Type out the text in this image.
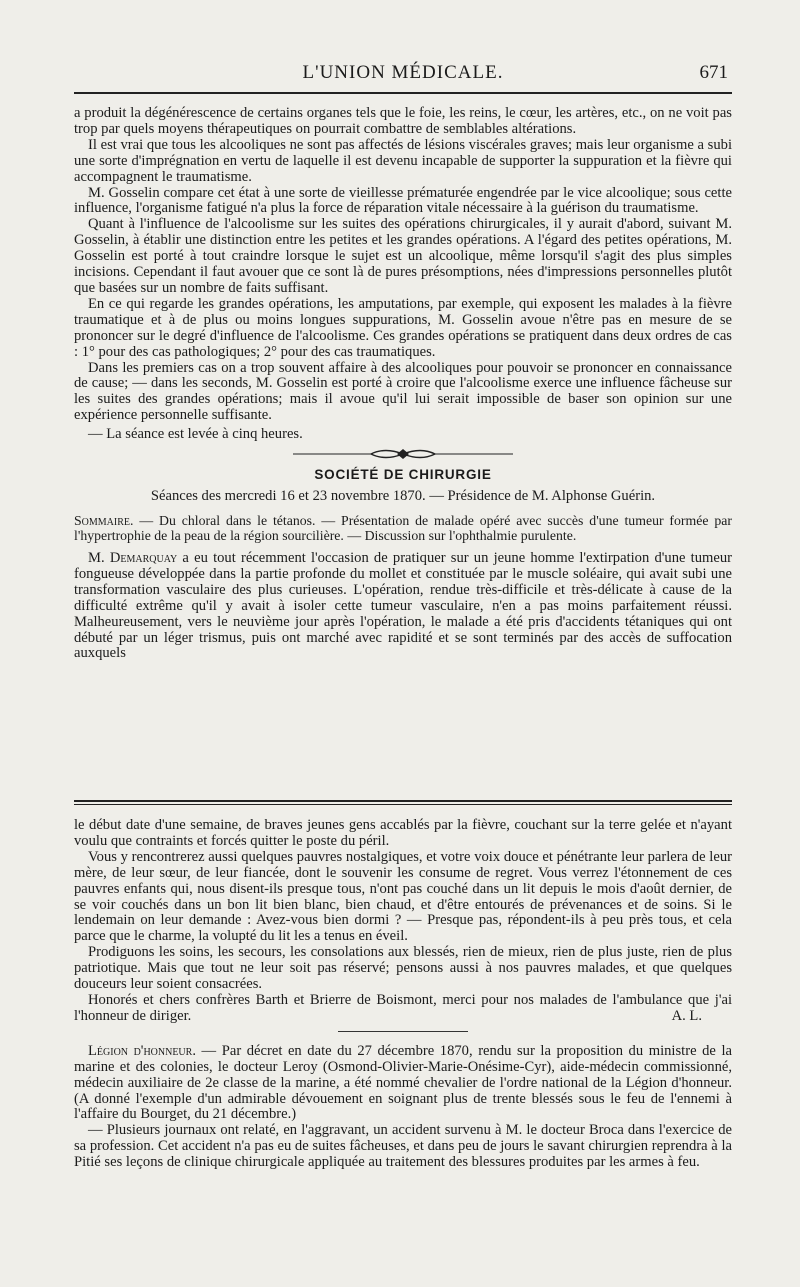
L'UNION MÉDICALE.	671

a produit la dégénérescence de certains organes tels que le foie, les reins, le cœur, les artères, etc., on ne voit pas trop par quels moyens thérapeutiques on pourrait combattre de semblables altérations.

Il est vrai que tous les alcooliques ne sont pas affectés de lésions viscérales graves; mais leur organisme a subi une sorte d'imprégnation en vertu de laquelle il est devenu incapable de supporter la suppuration et la fièvre qui accompagnent le traumatisme.

M. Gosselin compare cet état à une sorte de vieillesse prématurée engendrée par le vice alcoolique; sous cette influence, l'organisme fatigué n'a plus la force de réparation vitale nécessaire à la guérison du traumatisme.

Quant à l'influence de l'alcoolisme sur les suites des opérations chirurgicales, il y aurait d'abord, suivant M. Gosselin, à établir une distinction entre les petites et les grandes opérations. A l'égard des petites opérations, M. Gosselin est porté à tout craindre lorsque le sujet est un alcoolique, même lorsqu'il s'agit des plus simples incisions. Cependant il faut avouer que ce sont là de pures présomptions, nées d'impressions personnelles plutôt que basées sur un nombre de faits suffisant.

En ce qui regarde les grandes opérations, les amputations, par exemple, qui exposent les malades à la fièvre traumatique et à de plus ou moins longues suppurations, M. Gosselin avoue n'être pas en mesure de se prononcer sur le degré d'influence de l'alcoolisme. Ces grandes opérations se pratiquent dans deux ordres de cas : 1° pour des cas pathologiques; 2° pour des cas traumatiques.

Dans les premiers cas on a trop souvent affaire à des alcooliques pour pouvoir se prononcer en connaissance de cause; — dans les seconds, M. Gosselin est porté à croire que l'alcoolisme exerce une influence fâcheuse sur les suites des grandes opérations; mais il avoue qu'il lui serait impossible de baser son opinion sur une expérience personnelle suffisante.

— La séance est levée à cinq heures.

SOCIÉTÉ DE CHIRURGIE
Séances des mercredi 16 et 23 novembre 1870. — Présidence de M. Alphonse Guérin.

Sommaire. — Du chloral dans le tétanos. — Présentation de malade opéré avec succès d'une tumeur formée par l'hypertrophie de la peau de la région sourcilière. — Discussion sur l'ophthalmie purulente.

M. Demarquay a eu tout récemment l'occasion de pratiquer sur un jeune homme l'extirpation d'une tumeur fongueuse développée dans la partie profonde du mollet et constituée par le muscle soléaire, qui avait subi une transformation vasculaire des plus curieuses. L'opération, rendue très-difficile et très-délicate à cause de la difficulté extrême qu'il y avait à isoler cette tumeur vasculaire, n'en a pas moins parfaitement réussi. Malheureusement, vers le neuvième jour après l'opération, le malade a été pris d'accidents tétaniques qui ont débuté par un léger trismus, puis ont marché avec rapidité et se sont terminés par des accès de suffocation auxquels

le début date d'une semaine, de braves jeunes gens accablés par la fièvre, couchant sur la terre gelée et n'ayant voulu que contraints et forcés quitter le poste du péril.

Vous y rencontrerez aussi quelques pauvres nostalgiques, et votre voix douce et pénétrante leur parlera de leur mère, de leur sœur, de leur fiancée, dont le souvenir les consume de regret. Vous verrez l'étonnement de ces pauvres enfants qui, nous disent-ils presque tous, n'ont pas couché dans un lit depuis le mois d'août dernier, de se voir couchés dans un bon lit bien blanc, bien chaud, et d'être entourés de prévenances et de soins. Si le lendemain on leur demande : Avez-vous bien dormi ? — Presque pas, répondent-ils à peu près tous, et cela parce que le charme, la volupté du lit les a tenus en éveil.

Prodiguons les soins, les secours, les consolations aux blessés, rien de mieux, rien de plus juste, rien de plus patriotique. Mais que tout ne leur soit pas réservé; pensons aussi à nos pauvres malades, et que quelques douceurs leur soient consacrées.

Honorés et chers confrères Barth et Brierre de Boismont, merci pour nos malades de l'ambulance que j'ai l'honneur de diriger.	A. L.

Légion d'honneur. — Par décret en date du 27 décembre 1870, rendu sur la proposition du ministre de la marine et des colonies, le docteur Leroy (Osmond-Olivier-Marie-Onésime-Cyr), aide-médecin commissionné, médecin auxiliaire de 2e classe de la marine, a été nommé chevalier de l'ordre national de la Légion d'honneur. (A donné l'exemple d'un admirable dévouement en soignant plus de trente blessés sous le feu de l'ennemi à l'affaire du Bourget, du 21 décembre.)

— Plusieurs journaux ont relaté, en l'aggravant, un accident survenu à M. le docteur Broca dans l'exercice de sa profession. Cet accident n'a pas eu de suites fâcheuses, et dans peu de jours le savant chirurgien reprendra à la Pitié ses leçons de clinique chirurgicale appliquée au traitement des blessures produites par les armes à feu.
